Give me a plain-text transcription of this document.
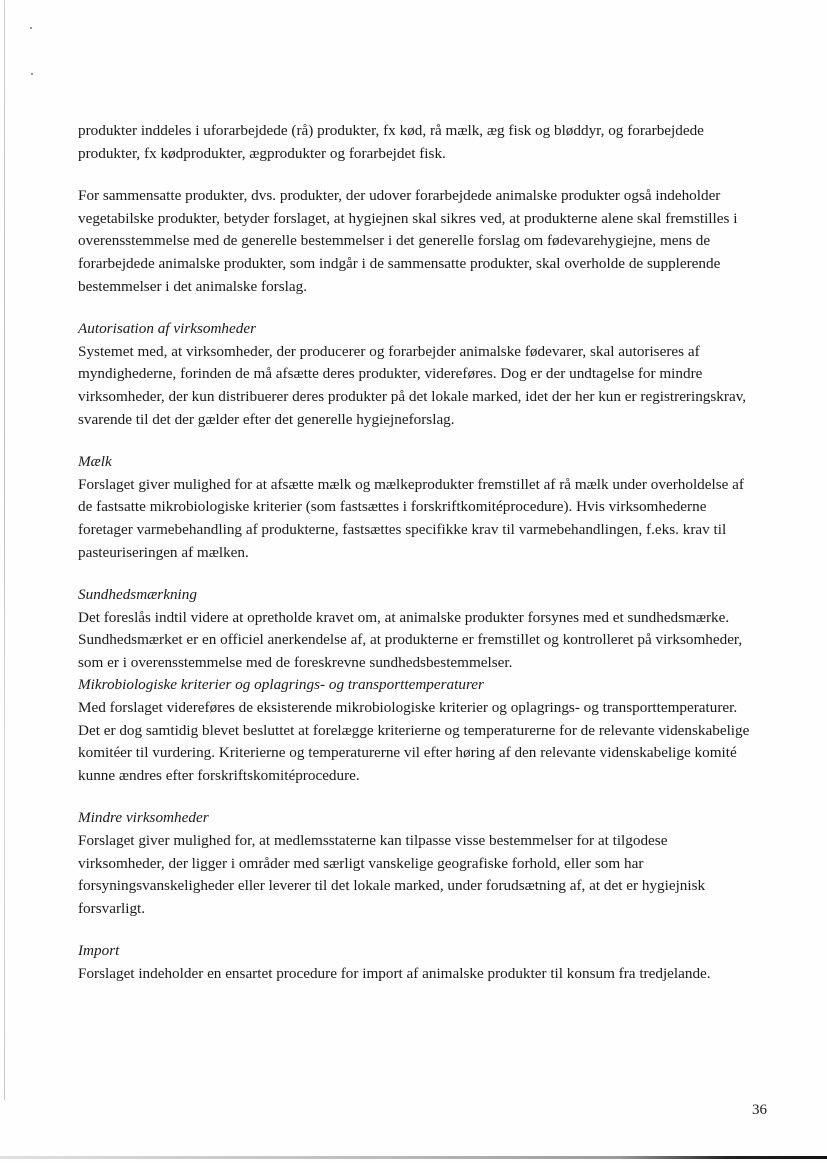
produkter inddeles i uforarbejdede (rå) produkter, fx kød, rå mælk, æg fisk og bløddyr, og forarbejdede produkter, fx kødprodukter, ægprodukter og forarbejdet fisk.

For sammensatte produkter, dvs. produkter, der udover forarbejdede animalske produkter også indeholder vegetabilske produkter, betyder forslaget, at hygiejnen skal sikres ved, at produkterne alene skal fremstilles i overensstemmelse med de generelle bestemmelser i det generelle forslag om fødevarehygiejne, mens de forarbejdede animalske produkter, som indgår i de sammensatte produkter, skal overholde de supplerende bestemmelser i det animalske forslag.

Autorisation af virksomheder

Systemet med, at virksomheder, der producerer og forarbejder animalske fødevarer, skal autoriseres af myndighederne, forinden de må afsætte deres produkter, videreføres. Dog er der undtagelse for mindre virksomheder, der kun distribuerer deres produkter på det lokale marked, idet der her kun er registreringskrav, svarende til det der gælder efter det generelle hygiejneforslag.

Mælk

Forslaget giver mulighed for at afsætte mælk og mælkeprodukter fremstillet af rå mælk under overholdelse af de fastsatte mikrobiologiske kriterier (som fastsættes i forskriftkomitéprocedure). Hvis virksomhederne foretager varmebehandling af produkterne, fastsættes specifikke krav til varmebehandlingen, f.eks. krav til pasteuriseringen af mælken.

Sundhedsmærkning

Det foreslås indtil videre at opretholde kravet om, at animalske produkter forsynes med et sundhedsmærke. Sundhedsmærket er en officiel anerkendelse af, at produkterne er fremstillet og kontrolleret på virksomheder, som er i overensstemmelse med de foreskrevne sundhedsbestemmelser.

Mikrobiologiske kriterier og oplagrings- og transporttemperaturer

Med forslaget videreføres de eksisterende mikrobiologiske kriterier og oplagrings- og transporttemperaturer. Det er dog samtidig blevet besluttet at forelægge kriterierne og temperaturerne for de relevante videnskabelige komitéer til vurdering. Kriterierne og temperaturerne vil efter høring af den relevante videnskabelige komité kunne ændres efter forskriftskomitéprocedure.

Mindre virksomheder

Forslaget giver mulighed for, at medlemsstaterne kan tilpasse visse bestemmelser for at tilgodese virksomheder, der ligger i områder med særligt vanskelige geografiske forhold, eller som har forsyningsvanskeligheder eller leverer til det lokale marked, under forudsætning af, at det er hygiejnisk forsvarligt.

Import

Forslaget indeholder en ensartet procedure for import af animalske produkter til konsum fra tredjelande.

36
